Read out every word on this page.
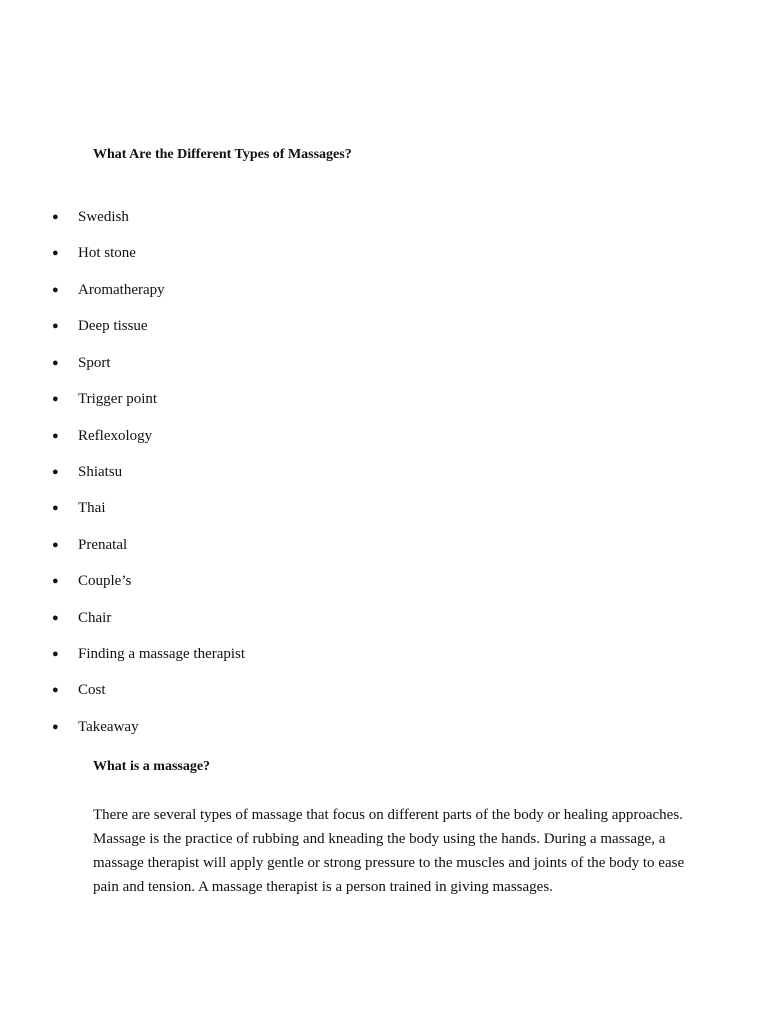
What Are the Different Types of Massages?
●	Swedish
●	Hot stone
●	Aromatherapy
●	Deep tissue
●	Sport
●	Trigger point
●	Reflexology
●	Shiatsu
●	Thai
●	Prenatal
●	Couple’s
●	Chair
●	Finding a massage therapist
●	Cost
●	Takeaway
What is a massage?

There are several types of massage that focus on different parts of the body or healing approaches. Massage is the practice of rubbing and kneading the body using the hands. During a massage, a massage therapist will apply gentle or strong pressure to the muscles and joints of the body to ease pain and tension. A massage therapist is a person trained in giving massages.
